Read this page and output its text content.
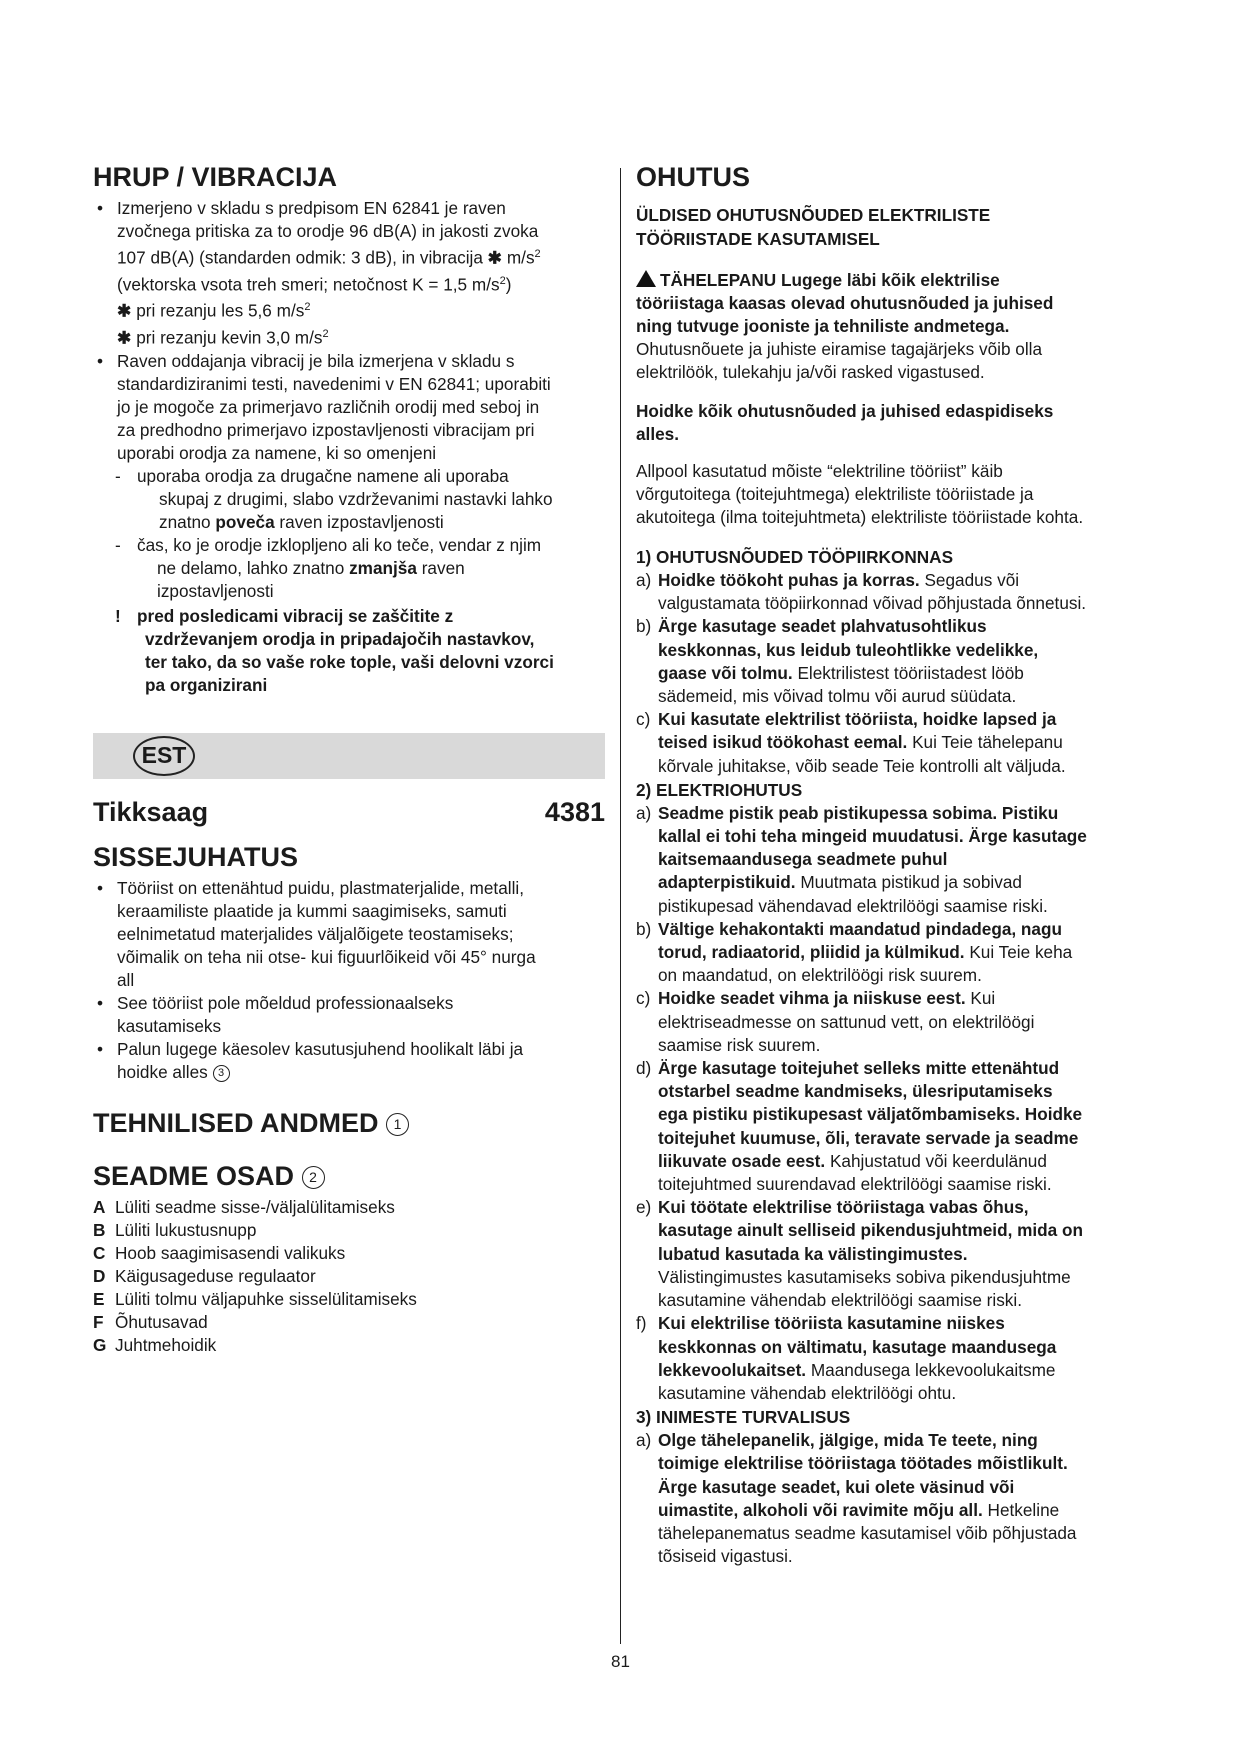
HRUP / VIBRACIJA
• Izmerjeno v skladu s predpisom EN 62841 je raven
zvočnega pritiska za to orodje 96 dB(A) in jakosti zvoka
107 dB(A) (standarden odmik: 3 dB), in vibracija ✱ $m/s^2$
(vektorska vsota treh smeri; netočnost K = 1,5 $m/s^2$)
✱ pri rezanju les 5,6 $m/s^2$
✱ pri rezanju kevin 3,0 $m/s^2$
• Raven oddajanja vibracij je bila izmerjena v skladu s
standardiziranimi testi, navedenimi v EN 62841; uporabiti
jo je mogoče za primerjavo različnih orodij med seboj in
za predhodno primerjavo izpostavljenosti vibracijam pri
uporabi orodja za namene, ki so omenjeni
- uporaba orodja za drugačne namene ali uporaba
skupaj z drugimi, slabo vzdrževanimi nastavki lahko
znatno poveča raven izpostavljenosti
- čas, ko je orodje izklopljeno ali ko teče, vendar z njim
ne delamo, lahko znatno zmanjša raven
izpostavljenosti
! pred posledicami vibracij se zaščitite z
vzdrževanjem orodja in pripadajočih nastavkov,
ter tako, da so vaše roke tople, vaši delovni vzorci
pa organizirani
EST
Tikksaag	4381
SISSEJUHATUS
• Tööriist on ettenähtud puidu, plastmaterjalide, metalli,
keraamiliste plaatide ja kummi saagimiseks, samuti
eelnimetatud materjalides väljalõigete teostamiseks;
võimalik on teha nii otse- kui figuurlõikeid või 45° nurga
all
• See tööriist pole mõeldud professionaalseks
kasutamiseks
• Palun lugege käesolev kasutusjuhend hoolikalt läbi ja
hoidke alles 3
TEHNILISED ANDMED 1
SEADME OSAD 2
A Lüliti seadme sisse-/väljalülitamiseks
B Lüliti lukustusnupp
C Hoob saagimisasendi valikuks
D Käigusageduse regulaator
E Lüliti tolmu väljapuhke sisselülitamiseks
F Õhutusavad
G Juhtmehoidik
OHUTUS
ÜLDISED OHUTUSNÕUDED ELEKTRILISTE
TÖÖRIISTADE KASUTAMISEL
TÄHELEPANU Lugege läbi kõik elektrilise
tööriistaga kaasas olevad ohutusnõuded ja juhised
ning tutvuge jooniste ja tehniliste andmetega.
Ohutusnõuete ja juhiste eiramise tagajärjeks võib olla
elektrilöök, tulekahju ja/või rasked vigastused.
Hoidke kõik ohutusnõuded ja juhised edaspidiseks
alles.
Allpool kasutatud mõiste “elektriline tööriist” käib
võrgutoitega (toitejuhtmega) elektriliste tööriistade ja
akutoitega (ilma toitejuhtmeta) elektriliste tööriistade kohta.
1) OHUTUSNÕUDED TÖÖPIIRKONNAS
a) Hoidke töökoht puhas ja korras. Segadus või
valgustamata tööpiirkonnad võivad põhjustada õnnetusi.
b) Ärge kasutage seadet plahvatusohtlikus
keskkonnas, kus leidub tuleohtlikke vedelikke,
gaase või tolmu. Elektrilistest tööriistadest lööb
sädemeid, mis võivad tolmu või aurud süüdata.
c) Kui kasutate elektrilist tööriista, hoidke lapsed ja
teised isikud töökohast eemal. Kui Teie tähelepanu
kõrvale juhitakse, võib seade Teie kontrolli alt väljuda.
2) ELEKTRIOHUTUS
a) Seadme pistik peab pistikupessa sobima. Pistiku
kallal ei tohi teha mingeid muudatusi. Ärge kasutage
kaitsemaandusega seadmete puhul
adapterpistikuid. Muutmata pistikud ja sobivad
pistikupesad vähendavad elektrilöögi saamise riski.
b) Vältige kehakontakti maandatud pindadega, nagu
torud, radiaatorid, pliidid ja külmikud. Kui Teie keha
on maandatud, on elektrilöögi risk suurem.
c) Hoidke seadet vihma ja niiskuse eest. Kui
elektriseadmesse on sattunud vett, on elektrilöögi
saamise risk suurem.
d) Ärge kasutage toitejuhet selleks mitte ettenähtud
otstarbel seadme kandmiseks, ülesriputamiseks
ega pistiku pistikupesast väljatõmbamiseks. Hoidke
toitejuhet kuumuse, õli, teravate servade ja seadme
liikuvate osade eest. Kahjustatud või keerdulänud
toitejuhtmed suurendavad elektrilöögi saamise riski.
e) Kui töötate elektrilise tööriistaga vabas õhus,
kasutage ainult selliseid pikendusjuhtmeid, mida on
lubatud kasutada ka välistingimustes.
Välistingimustes kasutamiseks sobiva pikendusjuhtme
kasutamine vähendab elektrilöögi saamise riski.
f) Kui elektrilise tööriista kasutamine niiskes
keskkonnas on vältimatu, kasutage maandusega
lekkevoolukaitset. Maandusega lekkevoolukaitsme
kasutamine vähendab elektrilöögi ohtu.
3) INIMESTE TURVALISUS
a) Olge tähelepanelik, jälgige, mida Te teete, ning
toimige elektrilise tööriistaga töötades mõistlikult.
Ärge kasutage seadet, kui olete väsinud või
uimastite, alkoholi või ravimite mõju all. Hetkeline
tähelepanematus seadme kasutamisel võib põhjustada
tõsiseid vigastusi.
81
